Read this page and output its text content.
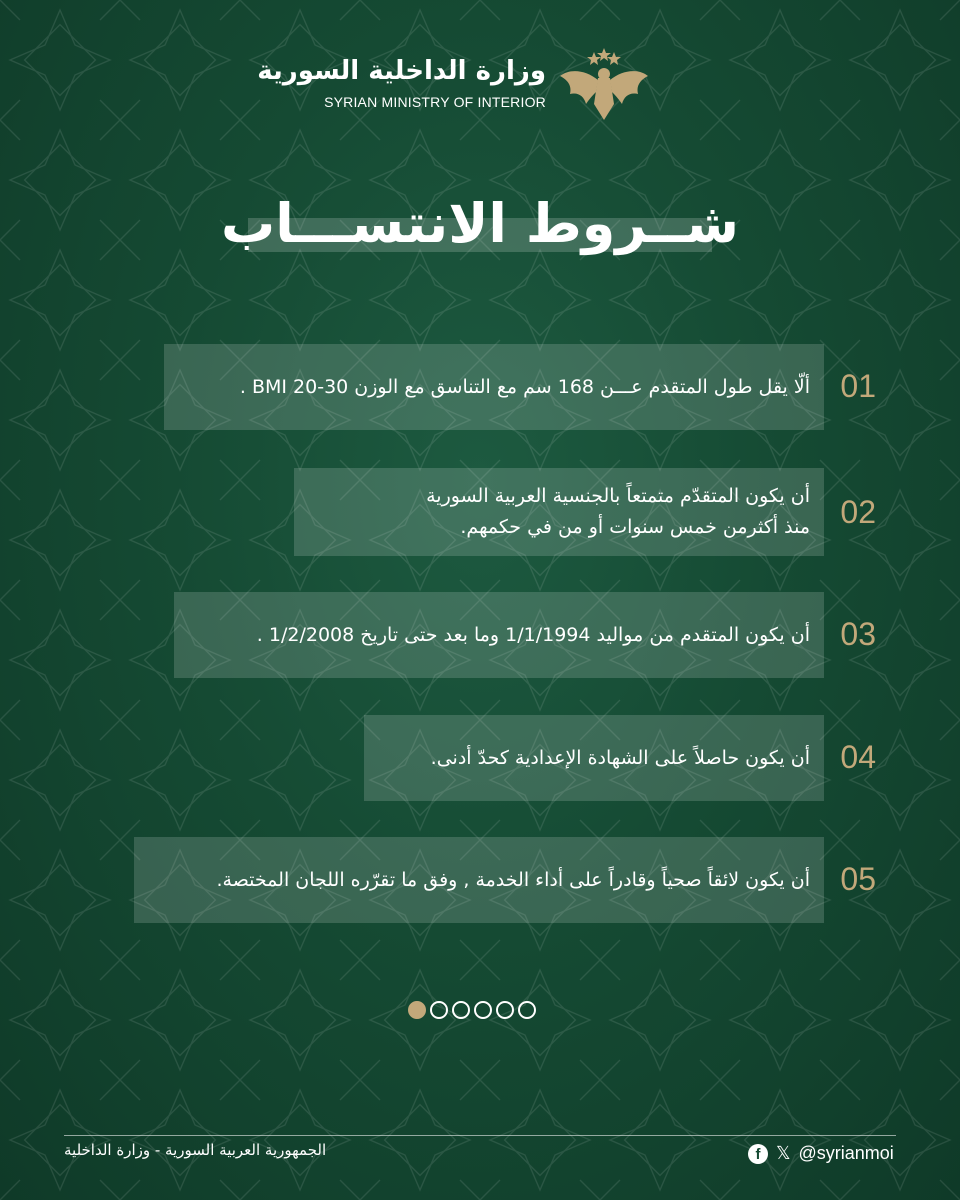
وزارة الداخلية السورية
SYRIAN MINISTRY OF INTERIOR
شــروط الانتســـاب
ألّا يقل طول المتقدم عـــن 168 سم مع التناسق مع الوزن BMI 20-30 . 01
أن يكون المتقدّم متمتعاً بالجنسية العربية السورية
منذ أكثرمن خمس سنوات أو من في حكمهم. 02
أن يكون المتقدم من مواليد 1/1/1994 وما بعد حتى تاريخ 1/2/2008 . 03
أن يكون حاصلاً على الشهادة الإعدادية كحدّ أدنى. 04
أن يكون لائقاً صحياً وقادراً على أداء الخدمة , وفق ما تقرّره اللجان المختصة. 05
الجمهورية العربية السورية - وزارة الداخلية	f 𝕏 @syrianmoi
